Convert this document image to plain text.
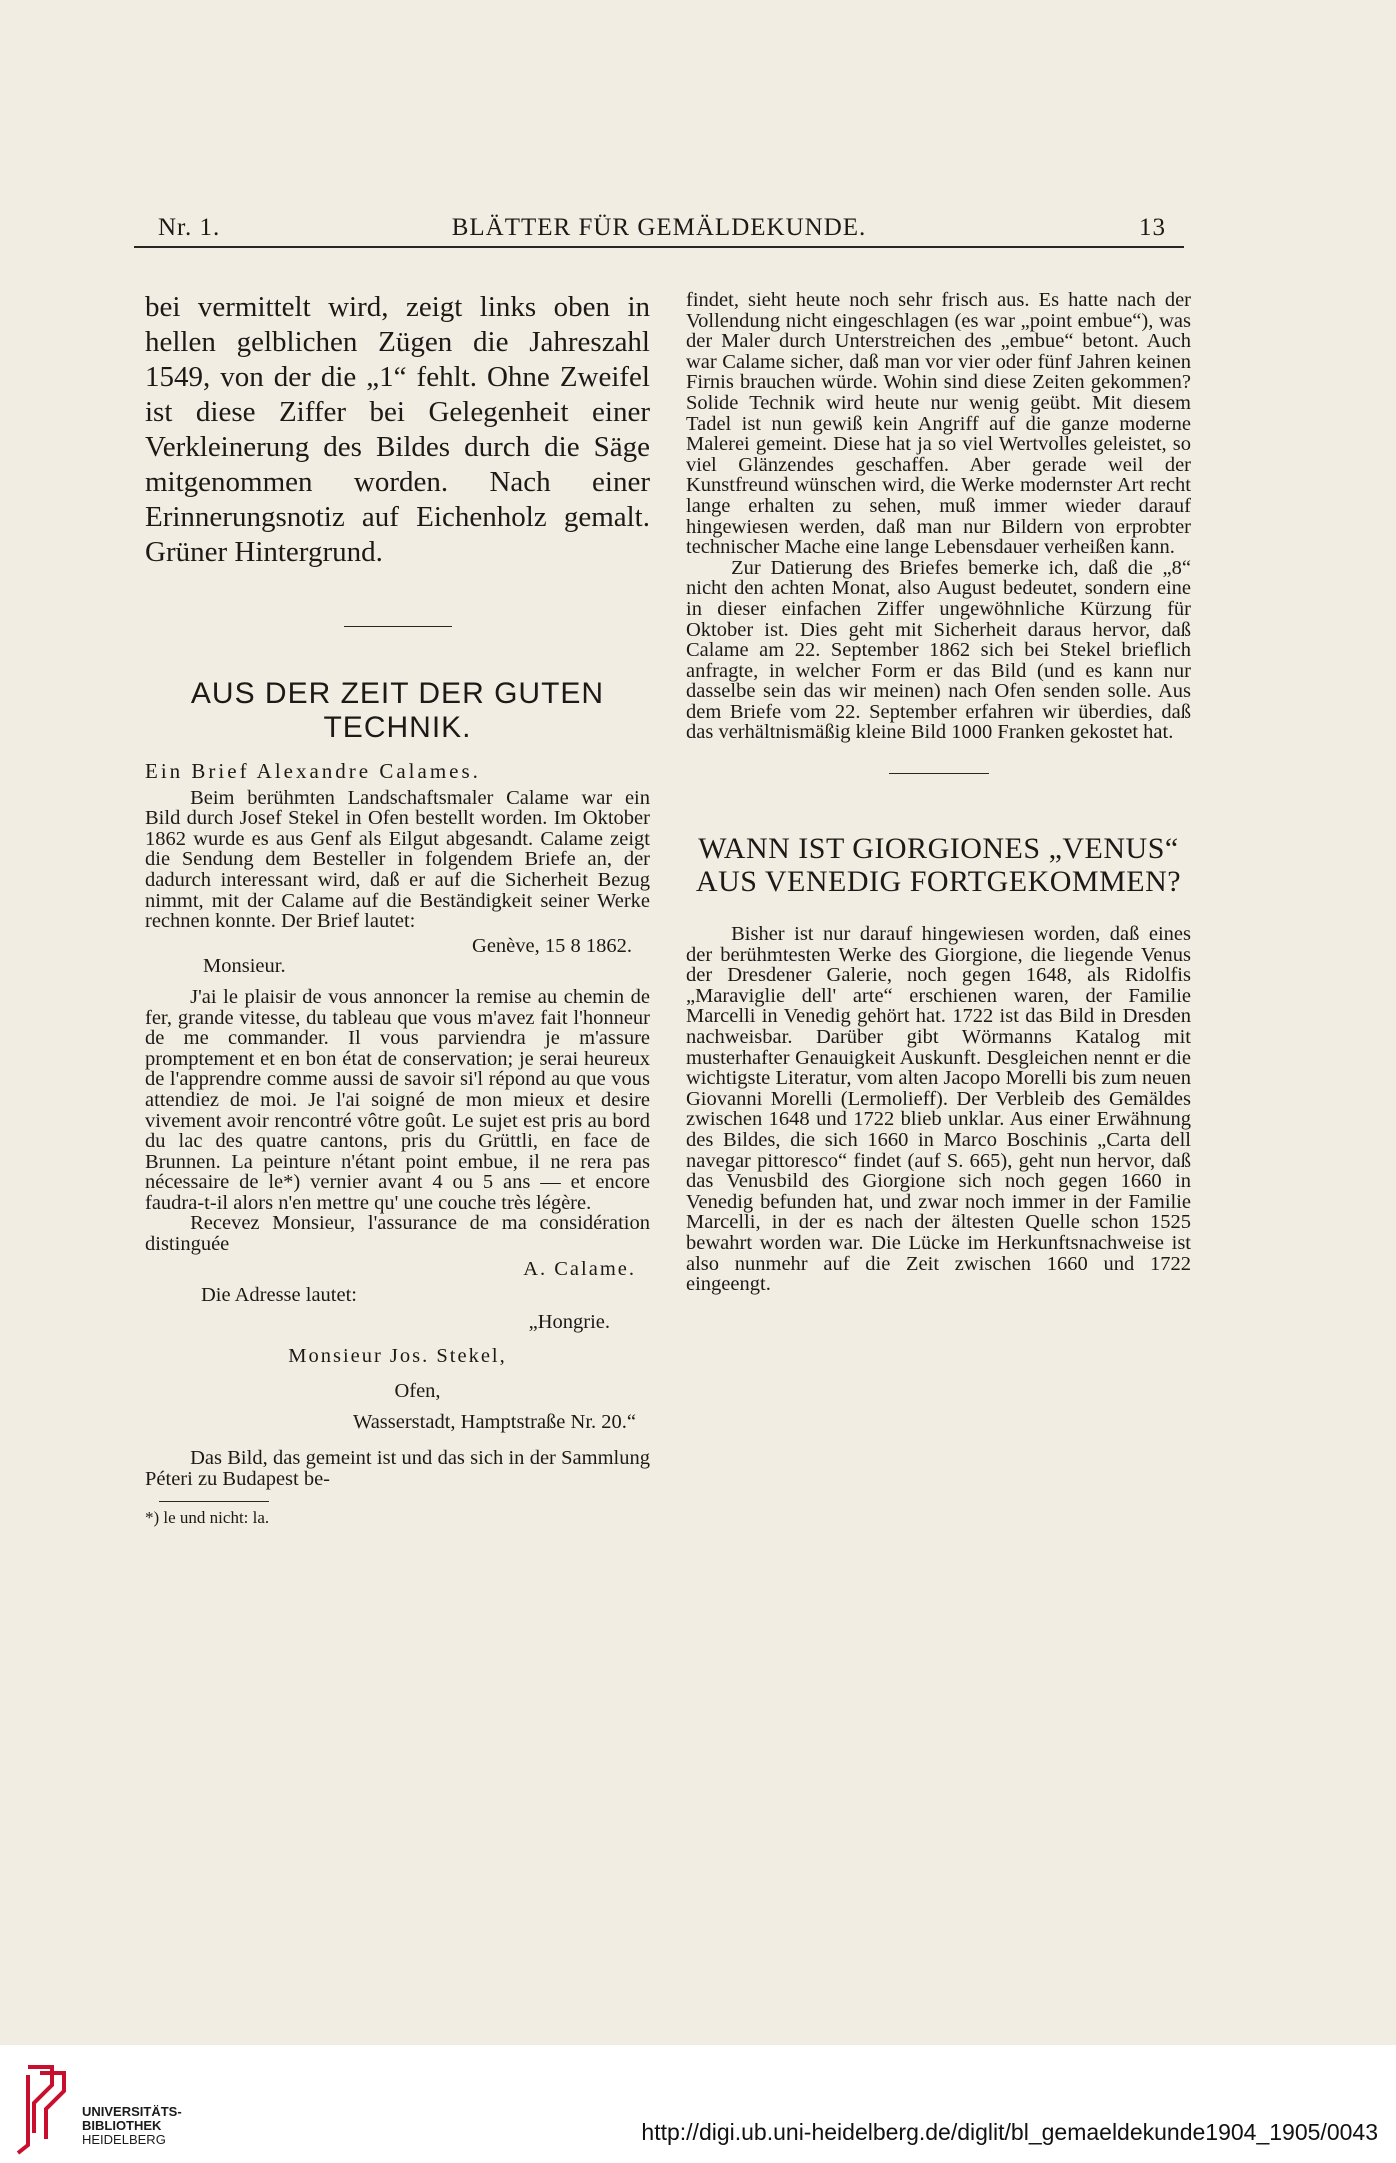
Nr. 1.	BLÄTTER FÜR GEMÄLDEKUNDE.	13

bei vermittelt wird, zeigt links oben in hellen gelblichen Zügen die Jahreszahl 1549, von der die „1“ fehlt. Ohne Zweifel ist diese Ziffer bei Gelegenheit einer Verkleinerung des Bildes durch die Säge mitgenommen worden. Nach einer Erinnerungsnotiz auf Eichenholz gemalt. Grüner Hintergrund.

AUS DER ZEIT DER GUTEN TECHNIK.

Ein Brief Alexandre Calames.

Beim berühmten Landschaftsmaler Calame war ein Bild durch Josef Stekel in Ofen bestellt worden. Im Oktober 1862 wurde es aus Genf als Eilgut abgesandt. Calame zeigt die Sendung dem Besteller in folgendem Briefe an, der dadurch interessant wird, daß er auf die Sicherheit Bezug nimmt, mit der Calame auf die Beständigkeit seiner Werke rechnen konnte. Der Brief lautet:

Genève, 15 8 1862.

Monsieur.

J'ai le plaisir de vous annoncer la remise au chemin de fer, grande vitesse, du tableau que vous m'avez fait l'honneur de me commander. Il vous parviendra je m'assure promptement et en bon état de conservation; je serai heureux de l'apprendre comme aussi de savoir si'l répond au que vous attendiez de moi. Je l'ai soigné de mon mieux et desire vivement avoir rencontré vôtre goût. Le sujet est pris au bord du lac des quatre cantons, pris du Grüttli, en face de Brunnen. La peinture n'étant point embue, il ne rera pas nécessaire de le*) vernier avant 4 ou 5 ans — et encore faudra-t-il alors n'en mettre qu' une couche très légère.

Recevez Monsieur, l'assurance de ma considération distinguée

A. Calame.

Die Adresse lautet:

„Hongrie.

Monsieur Jos. Stekel,

Ofen,

Wasserstadt, Hamptstraße Nr. 20.“

Das Bild, das gemeint ist und das sich in der Sammlung Péteri zu Budapest be-

*) le und nicht: la.

findet, sieht heute noch sehr frisch aus. Es hatte nach der Vollendung nicht eingeschlagen (es war „point embue“), was der Maler durch Unterstreichen des „embue“ betont. Auch war Calame sicher, daß man vor vier oder fünf Jahren keinen Firnis brauchen würde. Wohin sind diese Zeiten gekommen? Solide Technik wird heute nur wenig geübt. Mit diesem Tadel ist nun gewiß kein Angriff auf die ganze moderne Malerei gemeint. Diese hat ja so viel Wertvolles geleistet, so viel Glänzendes geschaffen. Aber gerade weil der Kunstfreund wünschen wird, die Werke modernster Art recht lange erhalten zu sehen, muß immer wieder darauf hingewiesen werden, daß man nur Bildern von erprobter technischer Mache eine lange Lebensdauer verheißen kann.

Zur Datierung des Briefes bemerke ich, daß die „8“ nicht den achten Monat, also August bedeutet, sondern eine in dieser einfachen Ziffer ungewöhnliche Kürzung für Oktober ist. Dies geht mit Sicherheit daraus hervor, daß Calame am 22. September 1862 sich bei Stekel brieflich anfragte, in welcher Form er das Bild (und es kann nur dasselbe sein das wir meinen) nach Ofen senden solle. Aus dem Briefe vom 22. September erfahren wir überdies, daß das verhältnismäßig kleine Bild 1000 Franken gekostet hat.

WANN IST GIORGIONES „VENUS“ AUS VENEDIG FORTGEKOMMEN?

Bisher ist nur darauf hingewiesen worden, daß eines der berühmtesten Werke des Giorgione, die liegende Venus der Dresdener Galerie, noch gegen 1648, als Ridolfis „Maraviglie dell' arte“ erschienen waren, der Familie Marcelli in Venedig gehört hat. 1722 ist das Bild in Dresden nachweisbar. Darüber gibt Wörmanns Katalog mit musterhafter Genauigkeit Auskunft. Desgleichen nennt er die wichtigste Literatur, vom alten Jacopo Morelli bis zum neuen Giovanni Morelli (Lermolieff). Der Verbleib des Gemäldes zwischen 1648 und 1722 blieb unklar. Aus einer Erwähnung des Bildes, die sich 1660 in Marco Boschinis „Carta dell navegar pittoresco“ findet (auf S. 665), geht nun hervor, daß das Venusbild des Giorgione sich noch gegen 1660 in Venedig befunden hat, und zwar noch immer in der Familie Marcelli, in der es nach der ältesten Quelle schon 1525 bewahrt worden war. Die Lücke im Herkunftsnachweise ist also nunmehr auf die Zeit zwischen 1660 und 1722 eingeengt.

UNIVERSITÄTS-
BIBLIOTHEK
HEIDELBERG	http://digi.ub.uni-heidelberg.de/diglit/bl_gemaeldekunde1904_1905/0043
